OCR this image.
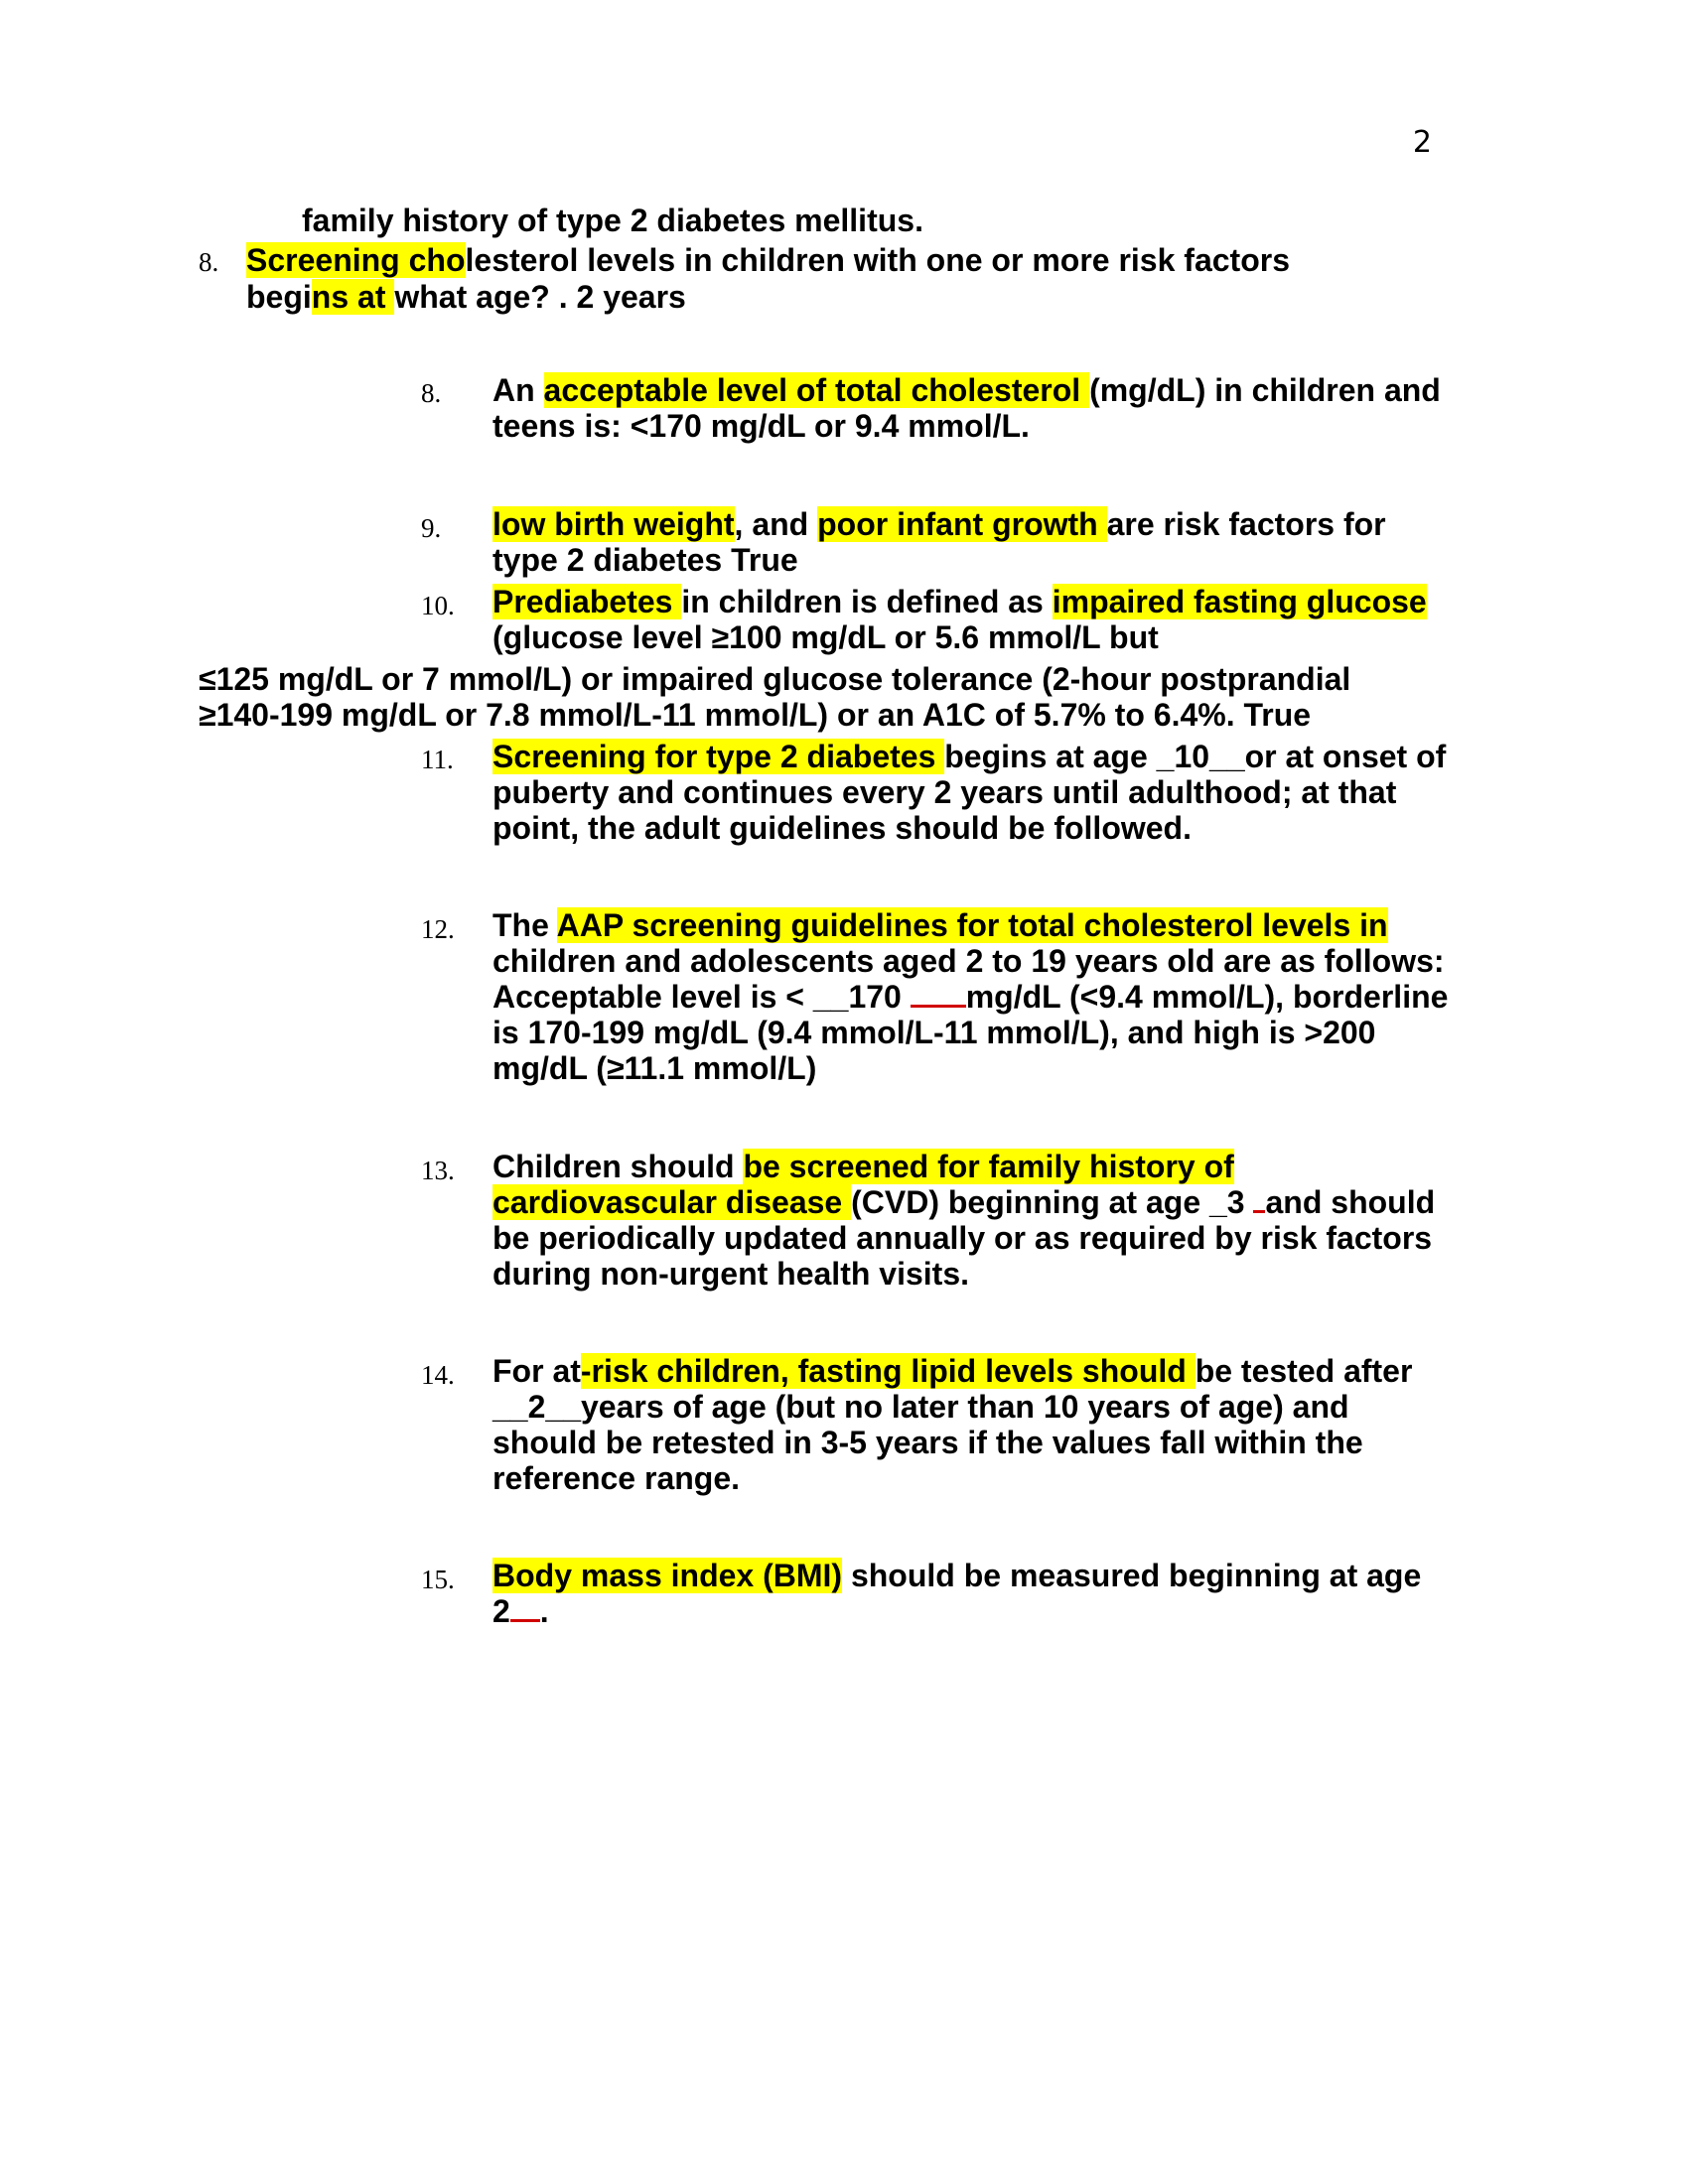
2
family history of type 2 diabetes mellitus.
8. Screening cholesterol levels in children with one or more risk factors
begins at what age? . 2 years
8. An acceptable level of total cholesterol (mg/dL) in children and
teens is: <170 mg/dL or 9.4 mmol/L.
9. low birth weight, and poor infant growth are risk factors for
type 2 diabetes True
10. Prediabetes in children is defined as impaired fasting glucose
(glucose level ≥100 mg/dL or 5.6 mmol/L but
≤125 mg/dL or 7 mmol/L) or impaired glucose tolerance (2-hour postprandial
≥140-199 mg/dL or 7.8 mmol/L-11 mmol/L) or an A1C of 5.7% to 6.4%. True
11. Screening for type 2 diabetes begins at age _10__or at onset of
puberty and continues every 2 years until adulthood; at that
point, the adult guidelines should be followed.
12. The AAP screening guidelines for total cholesterol levels in
children and adolescents aged 2 to 19 years old are as follows:
Acceptable level is < __170 mg/dL (<9.4 mmol/L), borderline
is 170-199 mg/dL (9.4 mmol/L-11 mmol/L), and high is >200
mg/dL (≥11.1 mmol/L)
13. Children should be screened for family history of
cardiovascular disease (CVD) beginning at age _3 and should
be periodically updated annually or as required by risk factors
during non-urgent health visits.
14. For at-risk children, fasting lipid levels should be tested after
__2__years of age (but no later than 10 years of age) and
should be retested in 3-5 years if the values fall within the
reference range.
15. Body mass index (BMI) should be measured beginning at age
2 .
